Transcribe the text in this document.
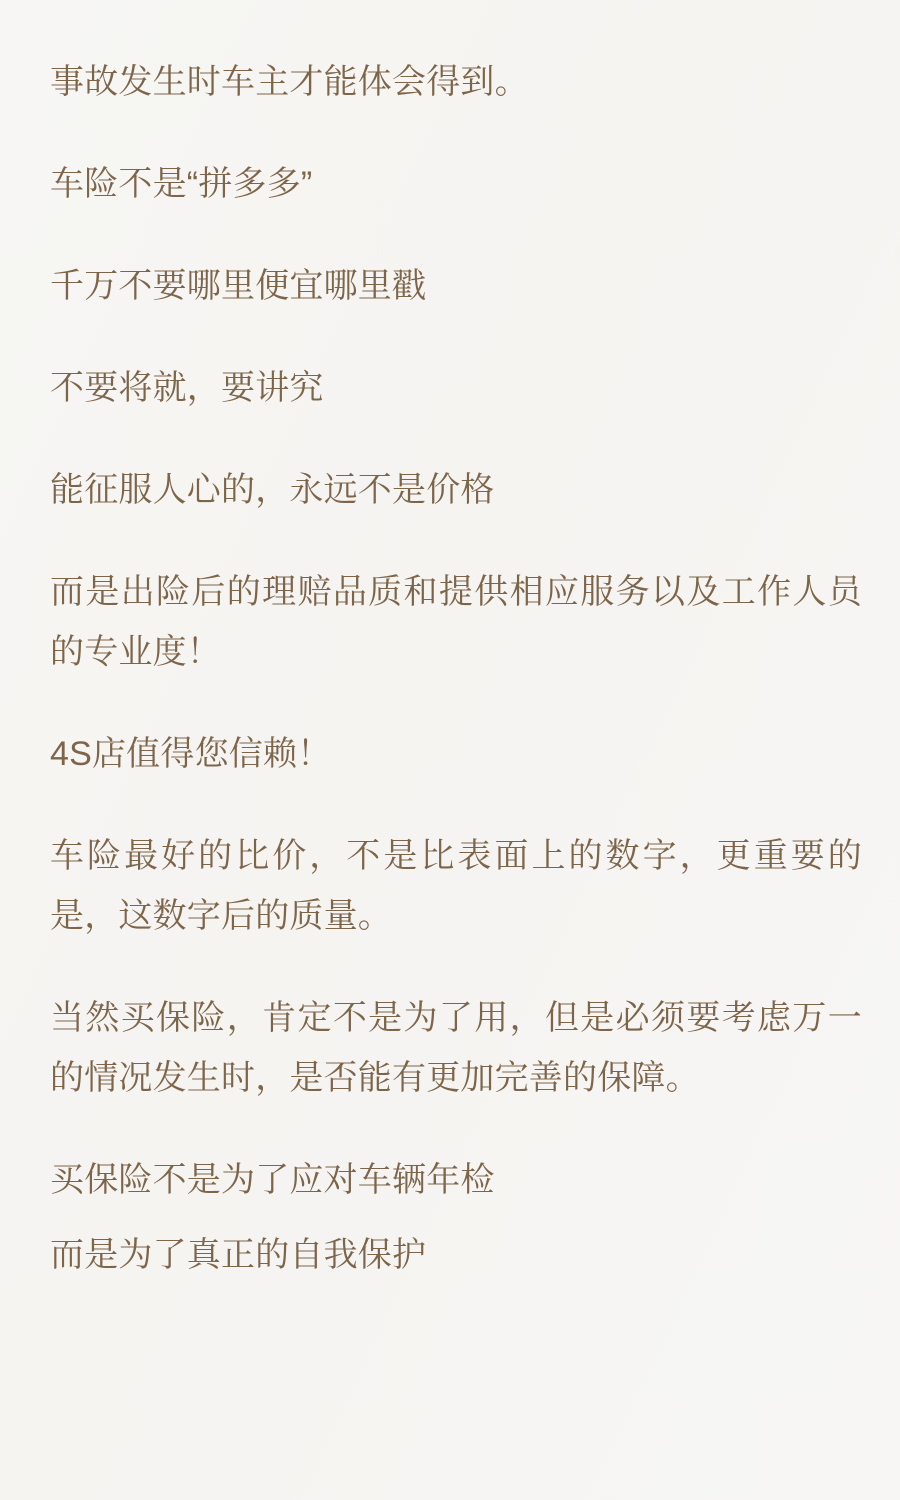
事故发生时车主才能体会得到。

车险不是“拼多多”

千万不要哪里便宜哪里戳

不要将就，要讲究

能征服人心的，永远不是价格

而是出险后的理赔品质和提供相应服务以及工作人员的专业度！

4S店值得您信赖！

车险最好的比价，不是比表面上的数字，更重要的是，这数字后的质量。

当然买保险，肯定不是为了用，但是必须要考虑万一的情况发生时，是否能有更加完善的保障。

买保险不是为了应对车辆年检

而是为了真正的自我保护
